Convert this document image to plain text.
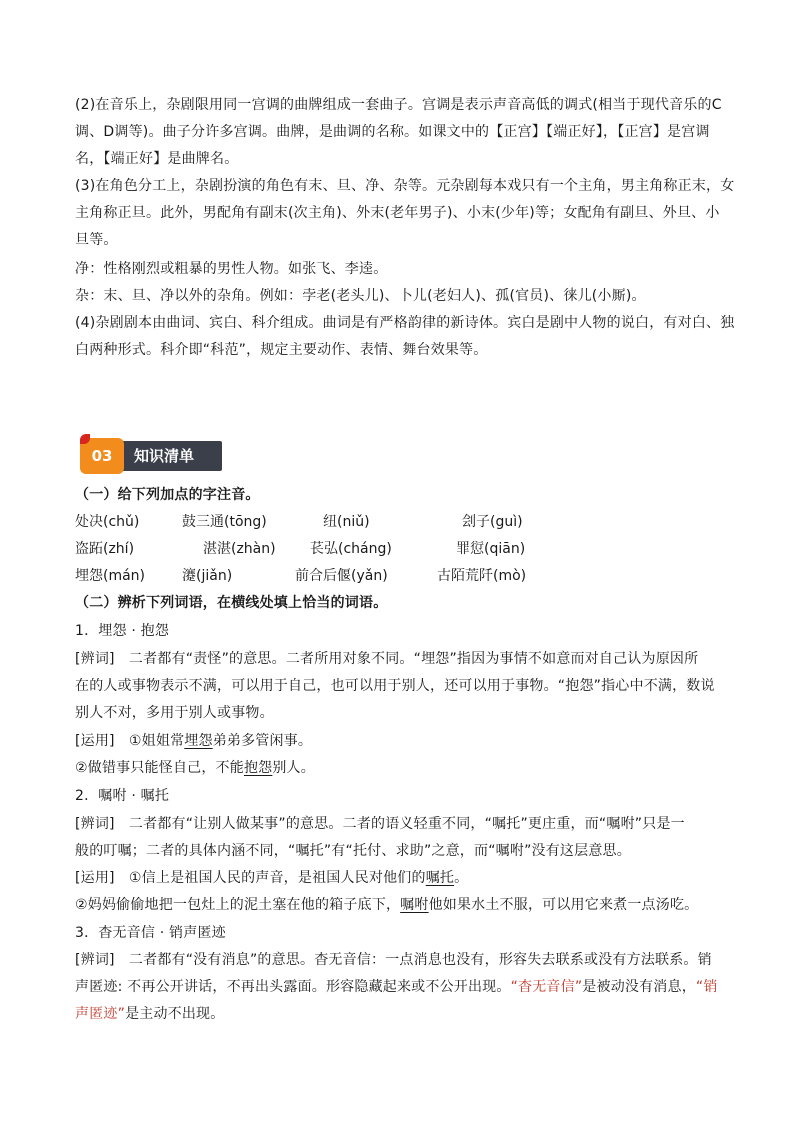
(2)在音乐上，杂剧限用同一宫调的曲牌组成一套曲子。宫调是表示声音高低的调式(相当于现代音乐的C
调、D调等)。曲子分许多宫调。曲牌，是曲调的名称。如课文中的【正宫】【端正好】，【正宫】是宫调
名，【端正好】是曲牌名。
(3)在角色分工上，杂剧扮演的角色有末、旦、净、杂等。元杂剧每本戏只有一个主角，男主角称正末，女
主角称正旦。此外，男配角有副末(次主角)、外末(老年男子)、小末(少年)等；女配角有副旦、外旦、小
旦等。
净：性格刚烈或粗暴的男性人物。如张飞、李逵。
杂：末、旦、净以外的杂角。例如：孛老(老头儿)、卜儿(老妇人)、孤(官员)、徕儿(小厮)。
(4)杂剧剧本由曲词、宾白、科介组成。曲词是有严格韵律的新诗体。宾白是剧中人物的说白，有对白、独
白两种形式。科介即“科范”，规定主要动作、表情、舞台效果等。
知识清单
03
（一）给下列加点的字注音。
处决(chǔ)	鼓三通(tōng)	纽(niǔ)	刽子(guì)
盗跖(zhí)	湛湛(zhàn) 苌弘(cháng)	罪愆(qiān)
埋怨(mán)	瀽(jiǎn)	前合后偃(yǎn)	古陌荒阡(mò)
（二）辨析下列词语，在横线处填上恰当的词语。
1．埋怨 · 抱怨
[辨词]　二者都有“责怪”的意思。二者所用对象不同。“埋怨”指因为事情不如意而对自己认为原因所
在的人或事物表示不满，可以用于自己，也可以用于别人，还可以用于事物。“抱怨”指心中不满，数说
别人不对，多用于别人或事物。
[运用]　①姐姐常埋怨弟弟多管闲事。
②做错事只能怪自己，不能抱怨别人。
2．嘱咐 · 嘱托
[辨词]　二者都有“让别人做某事”的意思。二者的语义轻重不同，“嘱托”更庄重，而“嘱咐”只是一
般的叮嘱；二者的具体内涵不同，“嘱托”有“托付、求助”之意，而“嘱咐”没有这层意思。
[运用]　①信上是祖国人民的声音，是祖国人民对他们的嘱托。
②妈妈偷偷地把一包灶上的泥土塞在他的箱子底下，嘱咐他如果水土不服，可以用它来煮一点汤吃。
3．杳无音信 · 销声匿迹
[辨词]　二者都有“没有消息”的意思。杳无音信：一点消息也没有，形容失去联系或没有方法联系。销
声匿迹: 不再公开讲话，不再出头露面。形容隐藏起来或不公开出现。“杳无音信”是被动没有消息，“销
声匿迹”是主动不出现。
